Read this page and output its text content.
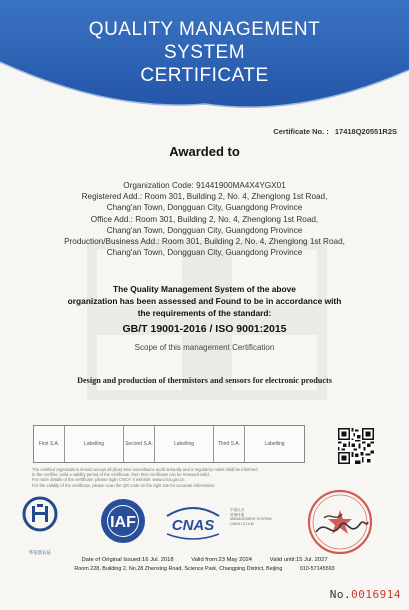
QUALITY MANAGEMENT
SYSTEM
CERTIFICATE
Certificate No. : 17418Q20551R2S
Awarded to
Organization Code: 91441900MA4X4YGX01
Registered Add.: Room 301, Building 2, No. 4, Zhenglong 1st Road,
Chang'an Town, Dongguan City, Guangdong Province
Office Add.: Room 301, Building 2, No. 4, Zhenglong 1st Road,
Chang'an Town, Dongguan City, Guangdong Province
Production/Business Add.: Room 301, Building 2, No. 4, Zhenglong 1st Road,
Chang'an Town, Dongguan City, Guangdong Province
The Quality Management System of the above
organization has been assessed and Found to be in accordance with
the requirements of the standard:
GB/T 19001-2016 / ISO 9001:2015
Scope of this management Certification
Design and production of thermistors and sensors for electronic products
First S.A.	Labelling	Second S.A.	Labelling	Third S.A.	Labelling
The certified organization should accept all (due) time surveillance audit annually and a regulatory notes shall be informed
to the certifier, valid a validity period of the certificate, then then certificate can be renewed valid.
For more details of the certificate, please login CNCA' s website: www.cnca.gov.cn
For the validity of the certificate, please scan the QR code on the right site for accurate information.
华信创认证
IAF CNAS
中国认可
管理体系
MANAGEMENT SYSTEM
CNAS C174-M
Date of Original Issued:16 Jul. 2018	Valid from:23 May 2024	Valid until:15 Jul. 2027
Room 228, Building 2, No.28 Zhenxing Road, Science Park, Changping District, Beijing	010-57145593
No.0016914
